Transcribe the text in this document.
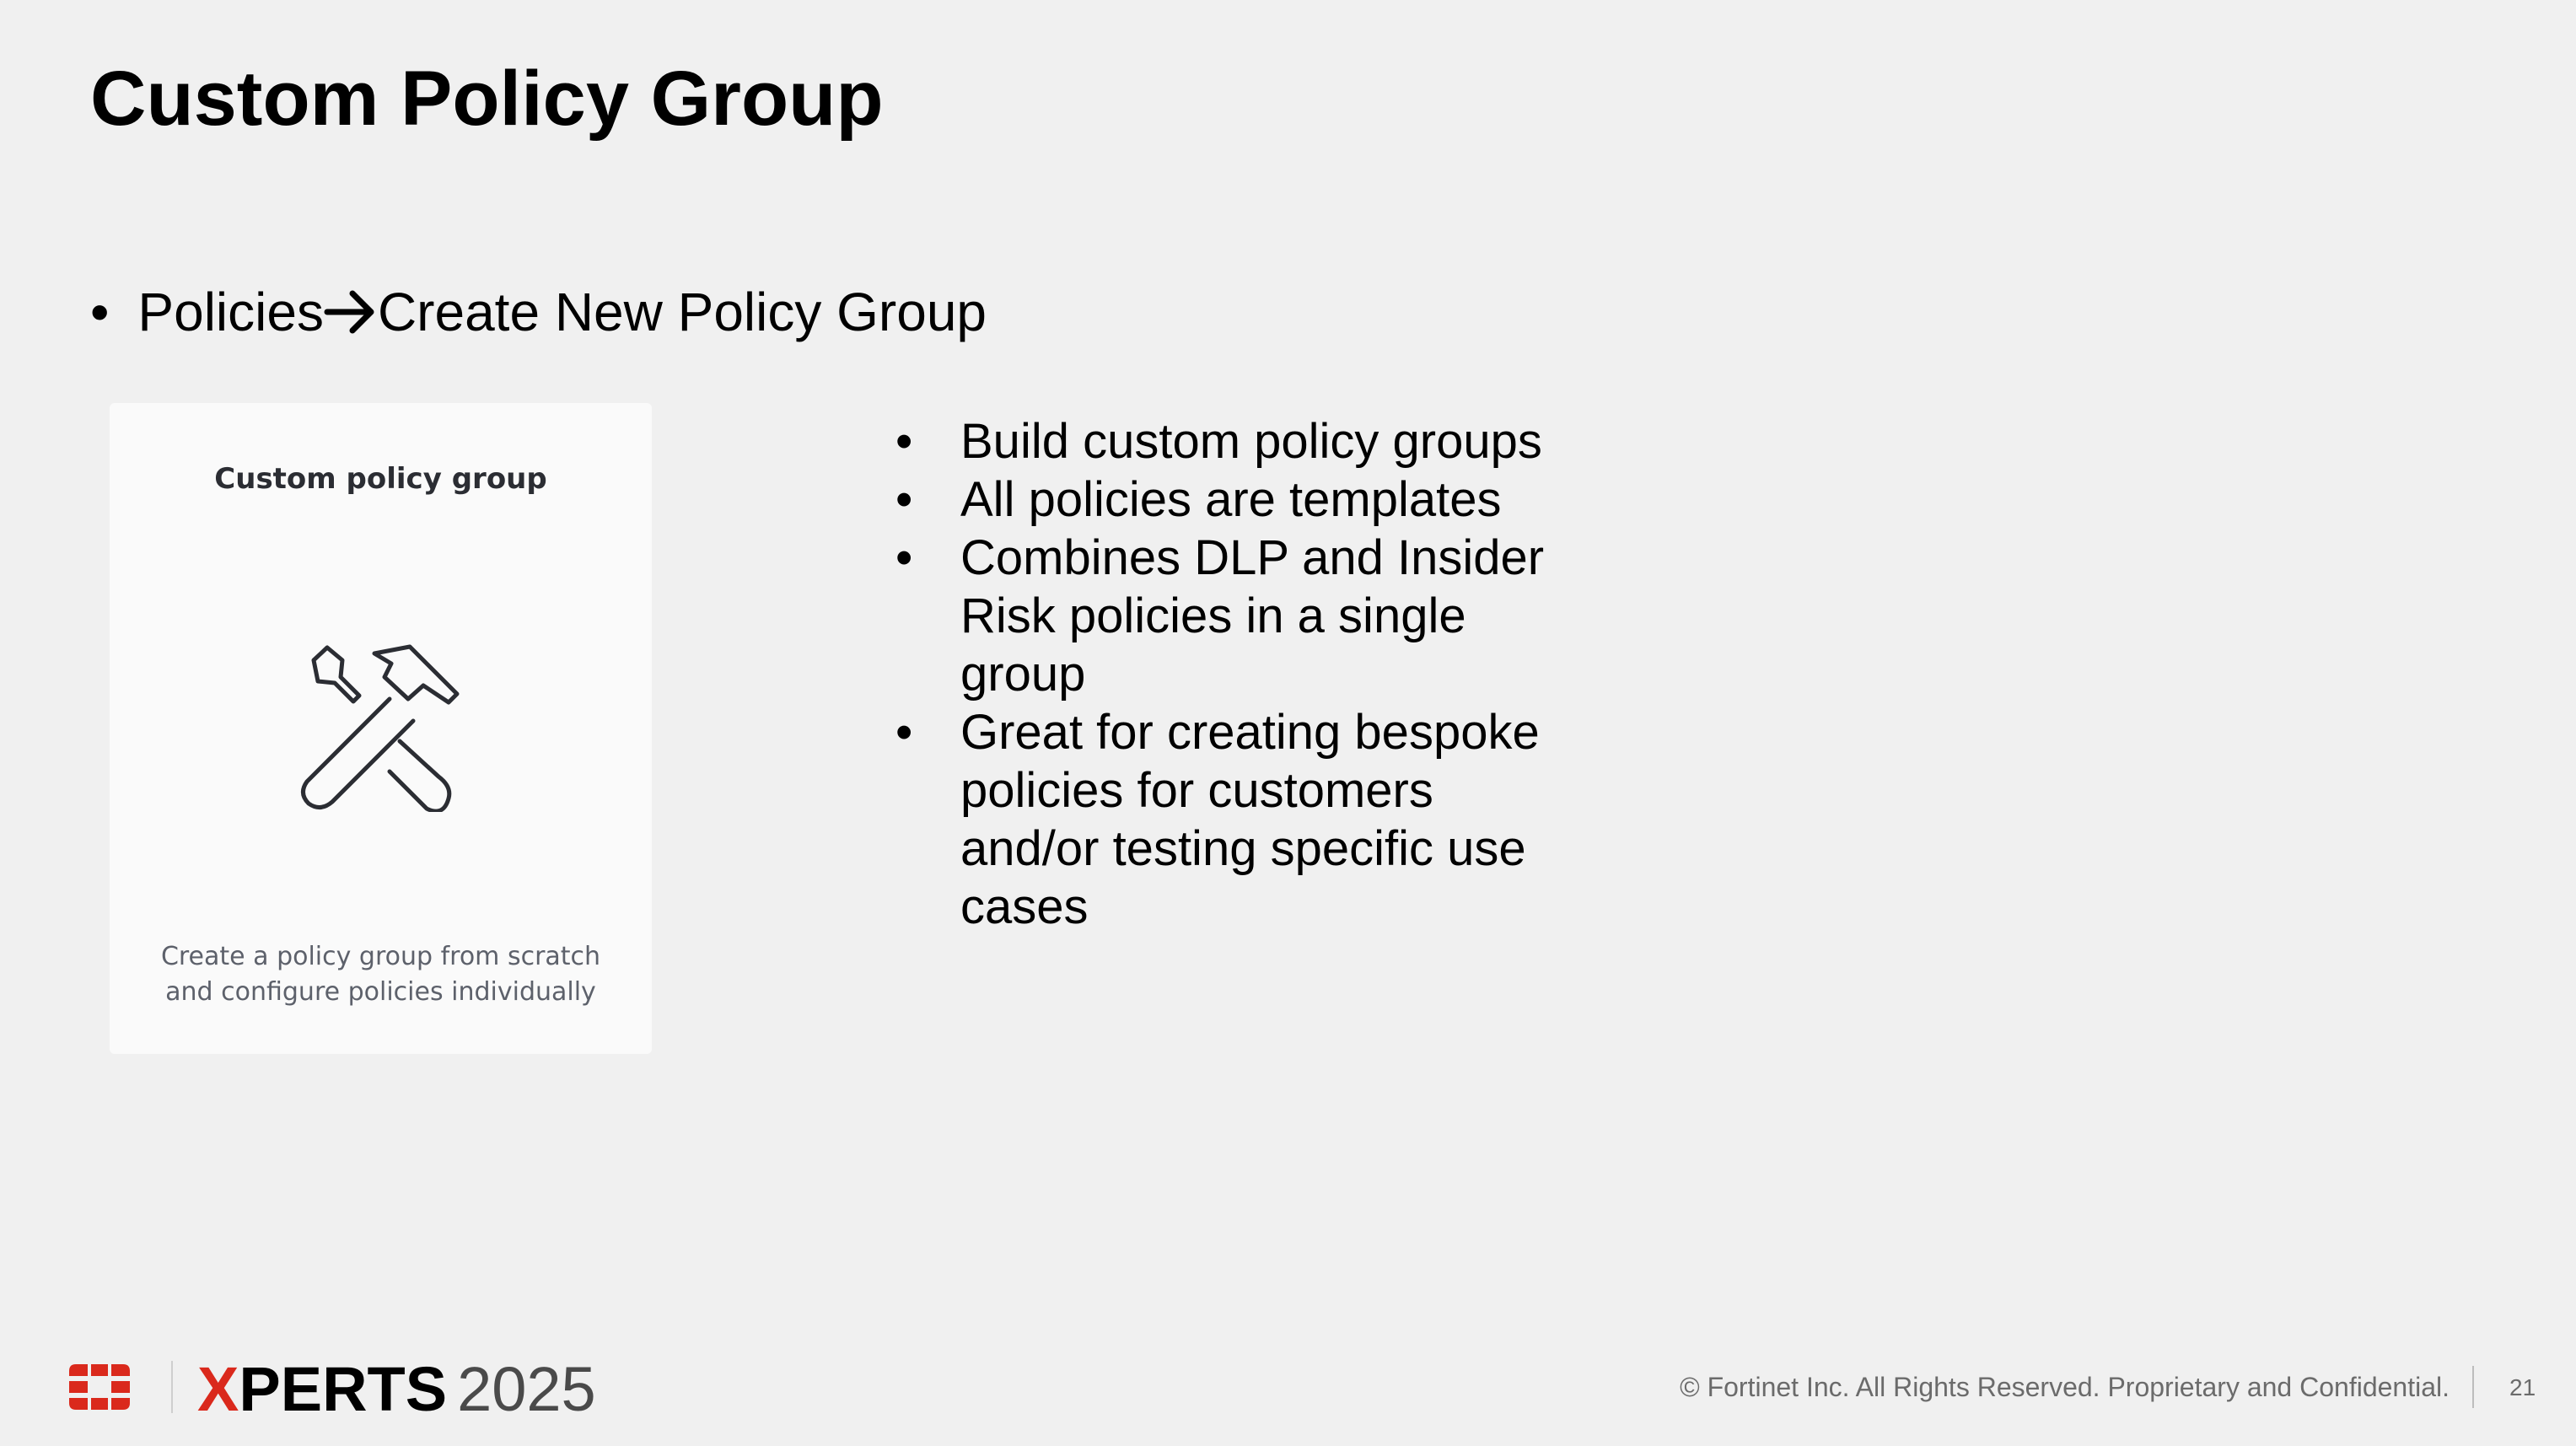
Custom Policy Group
• Policies Create New Policy Group
Custom policy group
Create a policy group from scratch
and configure policies individually
• Build custom policy groups
• All policies are templates
• Combines DLP and Insider Risk policies in a single group
• Great for creating bespoke policies for customers and/or testing specific use cases
XPERTS 2025	© Fortinet Inc. All Rights Reserved. Proprietary and Confidential.	21
